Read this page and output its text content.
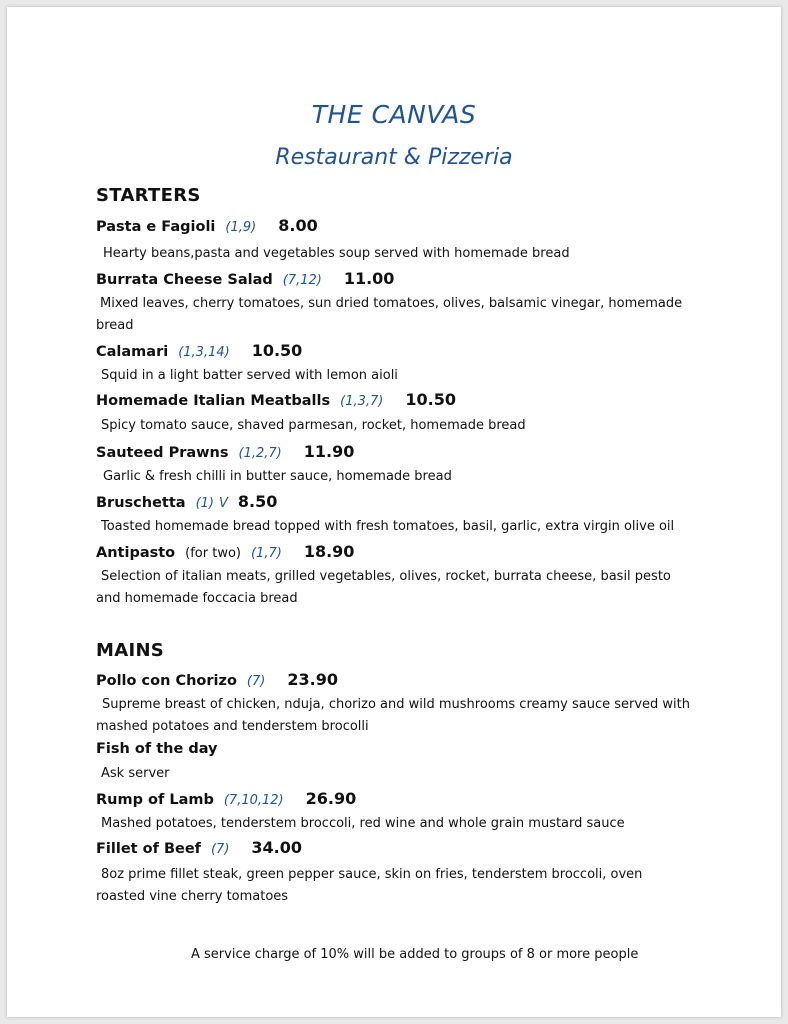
THE CANVAS
Restaurant & Pizzeria
STARTERS
Pasta e Fagioli (1,9) 8.00
Hearty beans,pasta and vegetables soup served with homemade bread
Burrata Cheese Salad (7,12) 11.00
Mixed leaves, cherry tomatoes, sun dried tomatoes, olives, balsamic vinegar, homemade bread
Calamari (1,3,14) 10.50
Squid in a light batter served with lemon aioli
Homemade Italian Meatballs (1,3,7) 10.50
Spicy tomato sauce, shaved parmesan, rocket, homemade bread
Sauteed Prawns (1,2,7) 11.90
Garlic & fresh chilli in butter sauce, homemade bread
Bruschetta (1) V 8.50
Toasted homemade bread topped with fresh tomatoes, basil, garlic, extra virgin olive oil
Antipasto (for two) (1,7) 18.90
Selection of italian meats, grilled vegetables, olives, rocket, burrata cheese, basil pesto and homemade foccacia bread
MAINS
Pollo con Chorizo (7) 23.90
Supreme breast of chicken, nduja, chorizo and wild mushrooms creamy sauce served with mashed potatoes and tenderstem brocolli
Fish of the day
Ask server
Rump of Lamb (7,10,12) 26.90
Mashed potatoes, tenderstem broccoli, red wine and whole grain mustard sauce
Fillet of Beef (7) 34.00
8oz prime fillet steak, green pepper sauce, skin on fries, tenderstem broccoli, oven roasted vine cherry tomatoes
A service charge of 10% will be added to groups of 8 or more people
